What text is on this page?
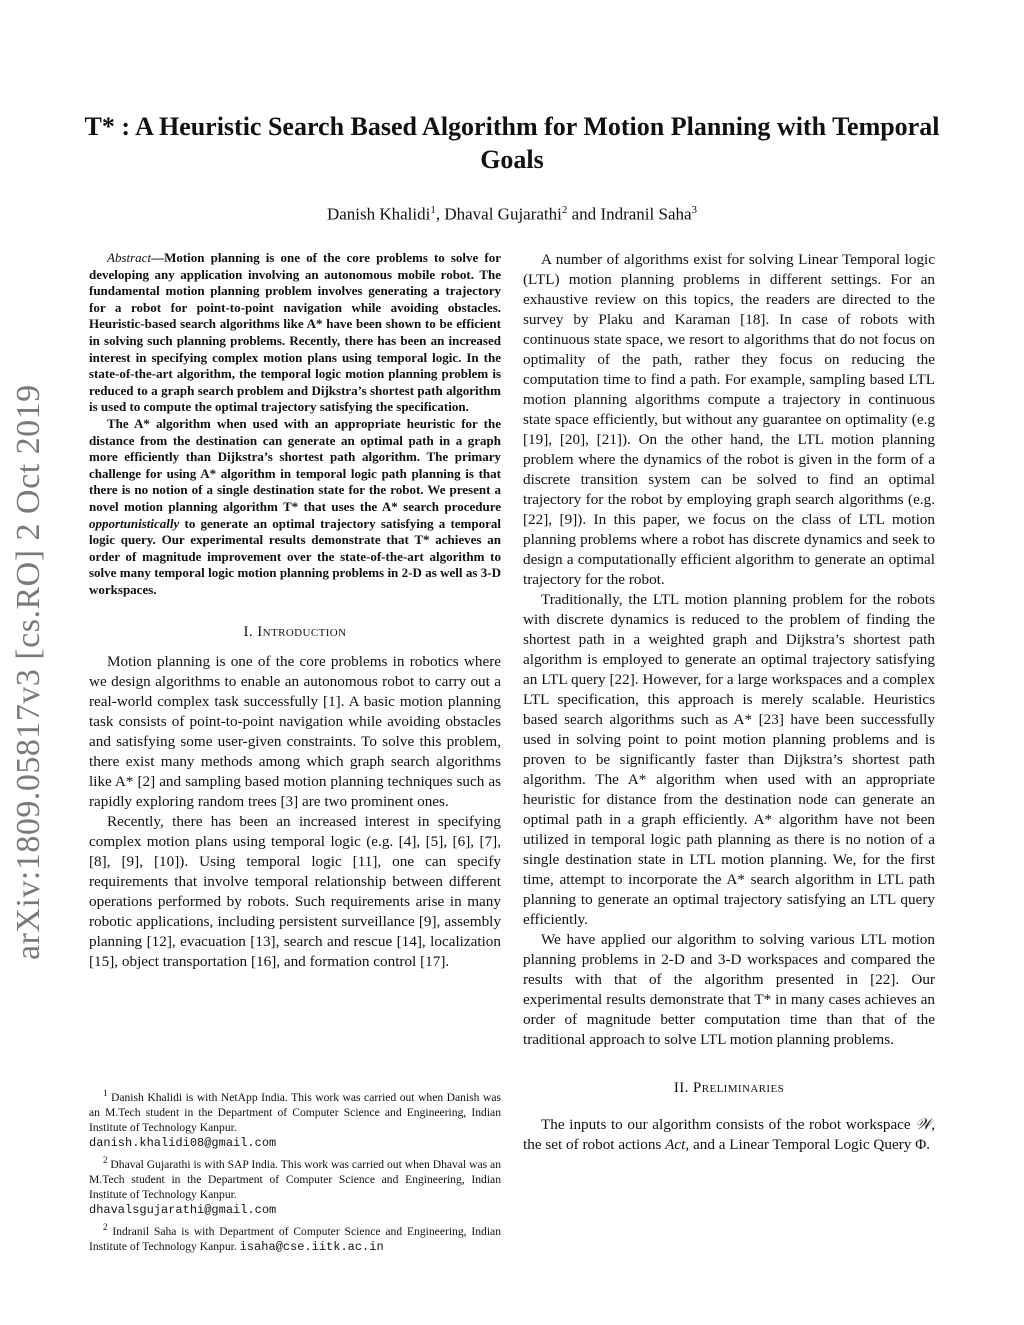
arXiv:1809.05817v3 [cs.RO] 2 Oct 2019
T* : A Heuristic Search Based Algorithm for Motion Planning with Temporal Goals
Danish Khalidi$^1$, Dhaval Gujarathi$^2$ and Indranil Saha$^3$

Abstract—Motion planning is one of the core problems to solve for developing any application involving an autonomous mobile robot. The fundamental motion planning problem involves generating a trajectory for a robot for point-to-point navigation while avoiding obstacles. Heuristic-based search algorithms like A* have been shown to be efficient in solving such planning problems. Recently, there has been an increased interest in specifying complex motion plans using temporal logic. In the state-of-the-art algorithm, the temporal logic motion planning problem is reduced to a graph search problem and Dijkstra’s shortest path algorithm is used to compute the optimal trajectory satisfying the specification.

The A* algorithm when used with an appropriate heuristic for the distance from the destination can generate an optimal path in a graph more efficiently than Dijkstra’s shortest path algorithm. The primary challenge for using A* algorithm in temporal logic path planning is that there is no notion of a single destination state for the robot. We present a novel motion planning algorithm T* that uses the A* search procedure opportunistically to generate an optimal trajectory satisfying a temporal logic query. Our experimental results demonstrate that T* achieves an order of magnitude improvement over the state-of-the-art algorithm to solve many temporal logic motion planning problems in 2-D as well as 3-D workspaces.

I. Introduction

Motion planning is one of the core problems in robotics where we design algorithms to enable an autonomous robot to carry out a real-world complex task successfully [1]. A basic motion planning task consists of point-to-point navigation while avoiding obstacles and satisfying some user-given constraints. To solve this problem, there exist many methods among which graph search algorithms like A* [2] and sampling based motion planning techniques such as rapidly exploring random trees [3] are two prominent ones.

Recently, there has been an increased interest in specifying complex motion plans using temporal logic (e.g. [4], [5], [6], [7], [8], [9], [10]). Using temporal logic [11], one can specify requirements that involve temporal relationship between different operations performed by robots. Such requirements arise in many robotic applications, including persistent surveillance [9], assembly planning [12], evacuation [13], search and rescue [14], localization [15], object transportation [16], and formation control [17].

A number of algorithms exist for solving Linear Temporal logic (LTL) motion planning problems in different settings. For an exhaustive review on this topics, the readers are directed to the survey by Plaku and Karaman [18]. In case of robots with continuous state space, we resort to algorithms that do not focus on optimality of the path, rather they focus on reducing the computation time to find a path. For example, sampling based LTL motion planning algorithms compute a trajectory in continuous state space efficiently, but without any guarantee on optimality (e.g [19], [20], [21]). On the other hand, the LTL motion planning problem where the dynamics of the robot is given in the form of a discrete transition system can be solved to find an optimal trajectory for the robot by employing graph search algorithms (e.g. [22], [9]). In this paper, we focus on the class of LTL motion planning problems where a robot has discrete dynamics and seek to design a computationally efficient algorithm to generate an optimal trajectory for the robot.

Traditionally, the LTL motion planning problem for the robots with discrete dynamics is reduced to the problem of finding the shortest path in a weighted graph and Dijkstra’s shortest path algorithm is employed to generate an optimal trajectory satisfying an LTL query [22]. However, for a large workspaces and a complex LTL specification, this approach is merely scalable. Heuristics based search algorithms such as A* [23] have been successfully used in solving point to point motion planning problems and is proven to be significantly faster than Dijkstra’s shortest path algorithm. The A* algorithm when used with an appropriate heuristic for distance from the destination node can generate an optimal path in a graph efficiently. A* algorithm have not been utilized in temporal logic path planning as there is no notion of a single destination state in LTL motion planning. We, for the first time, attempt to incorporate the A* search algorithm in LTL path planning to generate an optimal trajectory satisfying an LTL query efficiently.

We have applied our algorithm to solving various LTL motion planning problems in 2-D and 3-D workspaces and compared the results with that of the algorithm presented in [22]. Our experimental results demonstrate that T* in many cases achieves an order of magnitude better computation time than that of the traditional approach to solve LTL motion planning problems.

II. Preliminaries

The inputs to our algorithm consists of the robot workspace 𝒲, the set of robot actions Act, and a Linear Temporal Logic Query Φ.

$^1$ Danish Khalidi is with NetApp India. This work was carried out when Danish was an M.Tech student in the Department of Computer Science and Engineering, Indian Institute of Technology Kanpur.
danish.khalidi08@gmail.com

$^2$ Dhaval Gujarathi is with SAP India. This work was carried out when Dhaval was an M.Tech student in the Department of Computer Science and Engineering, Indian Institute of Technology Kanpur.
dhavalsgujarathi@gmail.com

$^2$ Indranil Saha is with Department of Computer Science and Engineering, Indian Institute of Technology Kanpur. isaha@cse.iitk.ac.in
